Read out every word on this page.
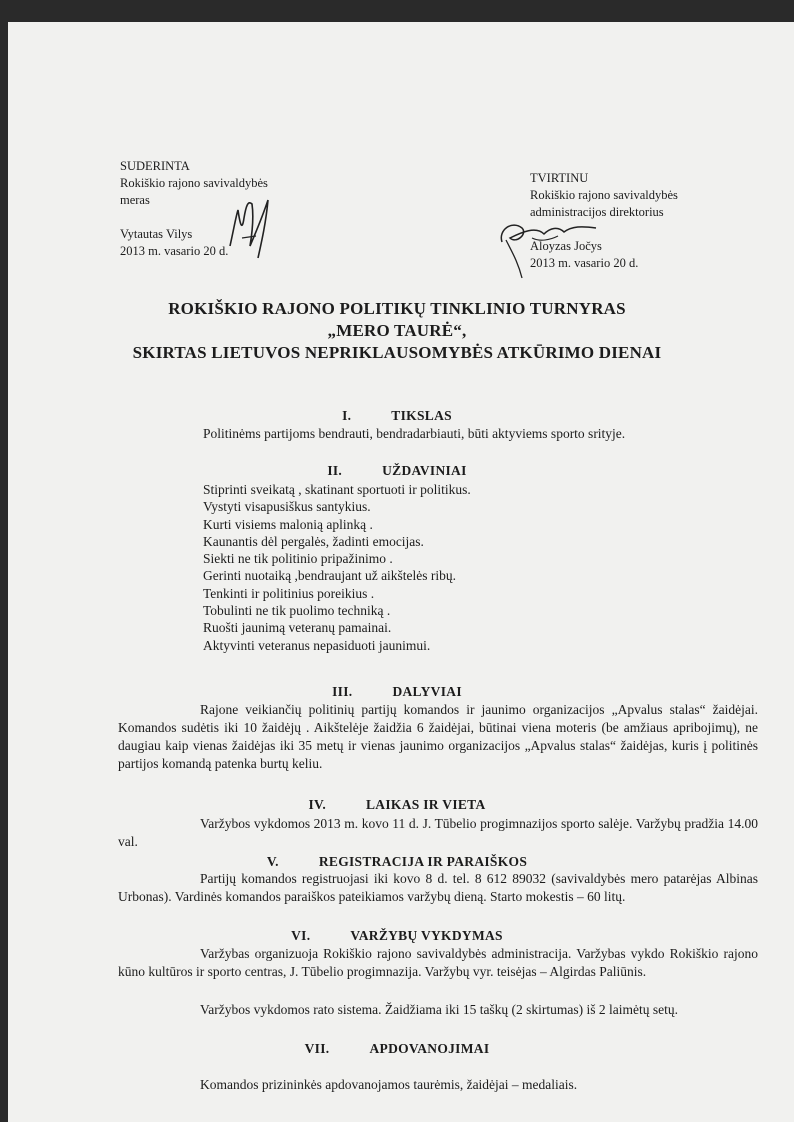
SUDERINTA
Rokiškio rajono savivaldybės
meras
Vytautas Vilys
2013 m. vasario 20 d.
TVIRTINU
Rokiškio rajono savivaldybės
administracijos direktorius
Aloyzas Jočys
2013 m. vasario 20 d.
ROKIŠKIO RAJONO POLITIKŲ TINKLINIO TURNYRAS
„MERO TAURĖ“,
SKIRTAS LIETUVOS NEPRIKLAUSOMYBĖS ATKŪRIMO DIENAI
I.	TIKSLAS
Politinėms partijoms bendrauti, bendradarbiauti, būti aktyviems sporto srityje.
II.	UŽDAVINIAI
Stiprinti sveikatą , skatinant sportuoti ir politikus.
Vystyti visapusiškus santykius.
Kurti visiems malonią aplinką .
Kaunantis dėl pergalės, žadinti emocijas.
Siekti ne tik politinio pripažinimo .
Gerinti nuotaiką ,bendraujant už aikštelės ribų.
Tenkinti ir politinius poreikius .
Tobulinti ne tik puolimo techniką .
Ruošti jaunimą veteranų pamainai.
Aktyvinti veteranus nepasiduoti jaunimui.
III.	DALYVIAI
Rajone veikiančių politinių partijų komandos ir jaunimo organizacijos „Apvalus stalas“ žaidėjai. Komandos sudėtis iki 10 žaidėjų . Aikštelėje žaidžia 6 žaidėjai, būtinai viena moteris (be amžiaus apribojimų), ne daugiau kaip vienas žaidėjas iki 35 metų ir vienas jaunimo organizacijos „Apvalus stalas“ žaidėjas, kuris į politinės partijos komandą patenka burtų keliu.
IV.	LAIKAS IR VIETA
Varžybos vykdomos 2013 m. kovo 11 d. J. Tūbelio progimnazijos sporto salėje. Varžybų pradžia 14.00 val.
V.	REGISTRACIJA IR PARAIŠKOS
Partijų komandos registruojasi iki kovo 8 d. tel. 8 612 89032 (savivaldybės mero patarėjas Albinas Urbonas). Vardinės komandos paraiškos pateikiamos varžybų dieną. Starto mokestis – 60 litų.
VI.	VARŽYBŲ VYKDYMAS
Varžybas organizuoja Rokiškio rajono savivaldybės administracija. Varžybas vykdo Rokiškio rajono kūno kultūros ir sporto centras, J. Tūbelio progimnazija. Varžybų vyr. teisėjas – Algirdas Paliūnis.
Varžybos vykdomos rato sistema. Žaidžiama iki 15 taškų (2 skirtumas) iš 2 laimėtų setų.
VII.	APDOVANOJIMAI
Komandos prizininkės apdovanojamos taurėmis, žaidėjai – medaliais.
